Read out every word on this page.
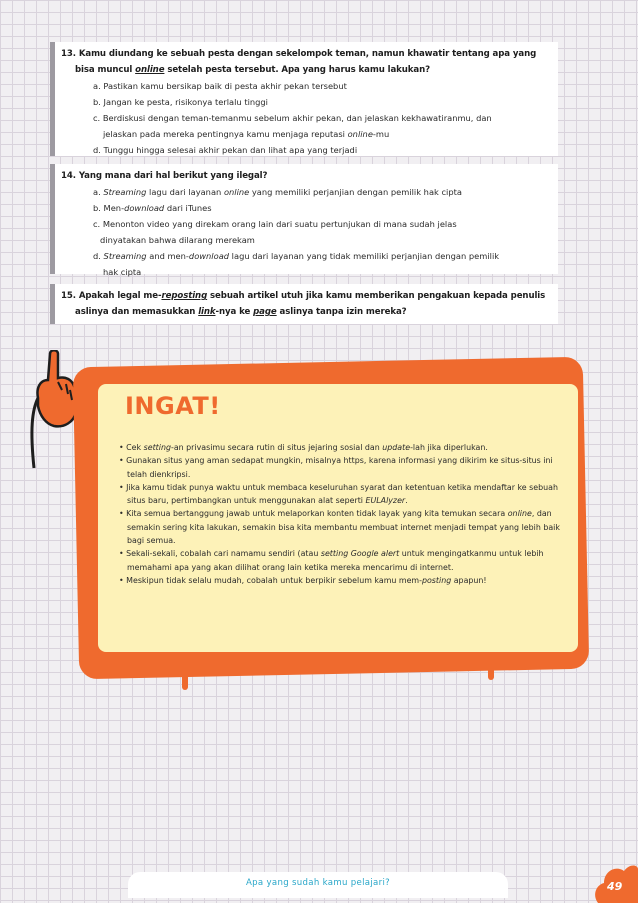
13. Kamu diundang ke sebuah pesta dengan sekelompok teman, namun khawatir tentang apa yang
bisa muncul online setelah pesta tersebut. Apa yang harus kamu lakukan?
a. Pastikan kamu bersikap baik di pesta akhir pekan tersebut
b. Jangan ke pesta, risikonya terlalu tinggi
c. Berdiskusi dengan teman-temanmu sebelum akhir pekan, dan jelaskan kekhawatiranmu, dan
jelaskan pada mereka pentingnya kamu menjaga reputasi online-mu
d. Tunggu hingga selesai akhir pekan dan lihat apa yang terjadi
14. Yang mana dari hal berikut yang ilegal?
a. Streaming lagu dari layanan online yang memiliki perjanjian dengan pemilik hak cipta
b. Men-download dari iTunes
c. Menonton video yang direkam orang lain dari suatu pertunjukan di mana sudah jelas
dinyatakan bahwa dilarang merekam
d. Streaming and men-download lagu dari layanan yang tidak memiliki perjanjian dengan pemilik
hak cipta
15. Apakah legal me-reposting sebuah artikel utuh jika kamu memberikan pengakuan kepada penulis
aslinya dan memasukkan link-nya ke page aslinya tanpa izin mereka?
INGAT!
• Cek setting-an privasimu secara rutin di situs jejaring sosial dan update-lah jika diperlukan.
• Gunakan situs yang aman sedapat mungkin, misalnya https, karena informasi yang dikirim ke situs-situs ini telah dienkripsi.
• Jika kamu tidak punya waktu untuk membaca keseluruhan syarat dan ketentuan ketika mendaftar ke sebuah situs baru, pertimbangkan untuk menggunakan alat seperti EULAlyzer.
• Kita semua bertanggung jawab untuk melaporkan konten tidak layak yang kita temukan secara online, dan semakin sering kita lakukan, semakin bisa kita membantu membuat internet menjadi tempat yang lebih baik bagi semua.
• Sekali-sekali, cobalah cari namamu sendiri (atau setting Google alert untuk mengingatkanmu untuk lebih memahami apa yang akan dilihat orang lain ketika mereka mencarimu di internet.
• Meskipun tidak selalu mudah, cobalah untuk berpikir sebelum kamu mem-posting apapun!
Apa yang sudah kamu pelajari?	49
